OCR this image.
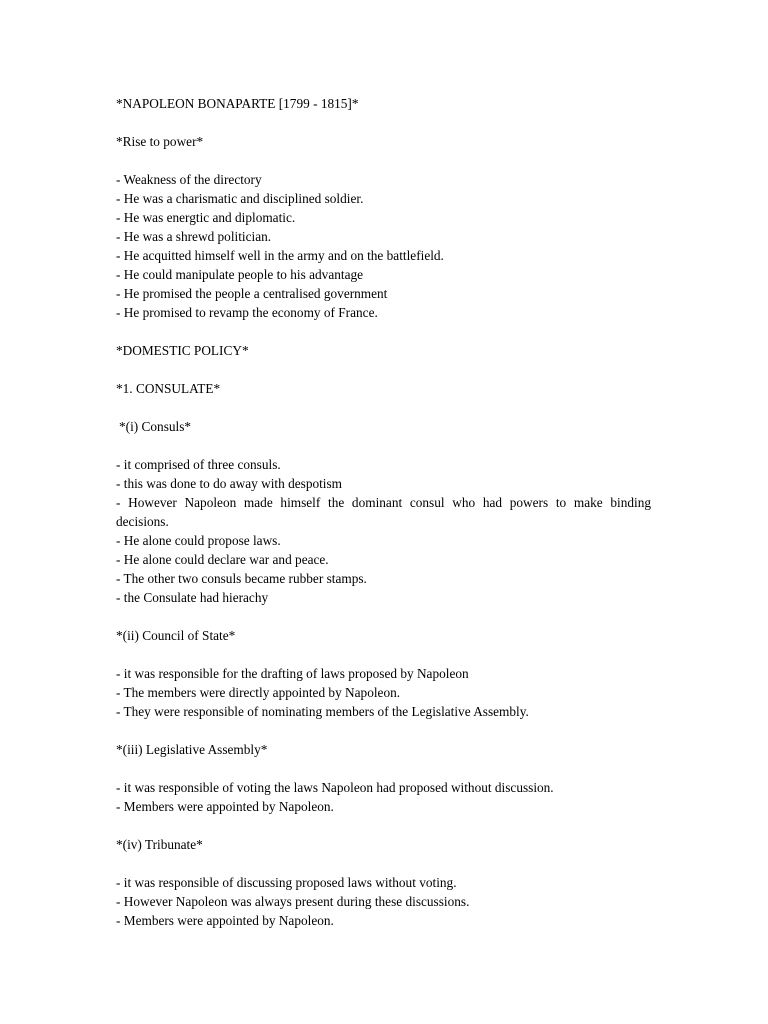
*NAPOLEON BONAPARTE [1799 - 1815]*
*Rise to power*
- Weakness of the directory
- He was a charismatic and disciplined soldier.
- He was energtic and diplomatic.
- He was a shrewd politician.
- He acquitted himself well in the army and on the battlefield.
- He could manipulate people to his advantage
- He promised the people a centralised government
- He promised to revamp the economy of France.
*DOMESTIC POLICY*
*1. CONSULATE*
*(i) Consuls*
- it comprised of three consuls.
- this was done to do away with despotism
- However Napoleon made himself the dominant consul who had powers to make binding
decisions.
- He alone could propose laws.
- He alone could declare war and peace.
- The other two consuls became rubber stamps.
- the Consulate had hierachy
*(ii) Council of State*
- it was responsible for the drafting of laws proposed by Napoleon
- The members were directly appointed by Napoleon.
- They were responsible of nominating members of the Legislative Assembly.
*(iii) Legislative Assembly*
- it was responsible of voting the laws Napoleon had proposed without discussion.
- Members were appointed by Napoleon.
*(iv) Tribunate*
- it was responsible of discussing proposed laws without voting.
- However Napoleon was always present during these discussions.
- Members were appointed by Napoleon.
